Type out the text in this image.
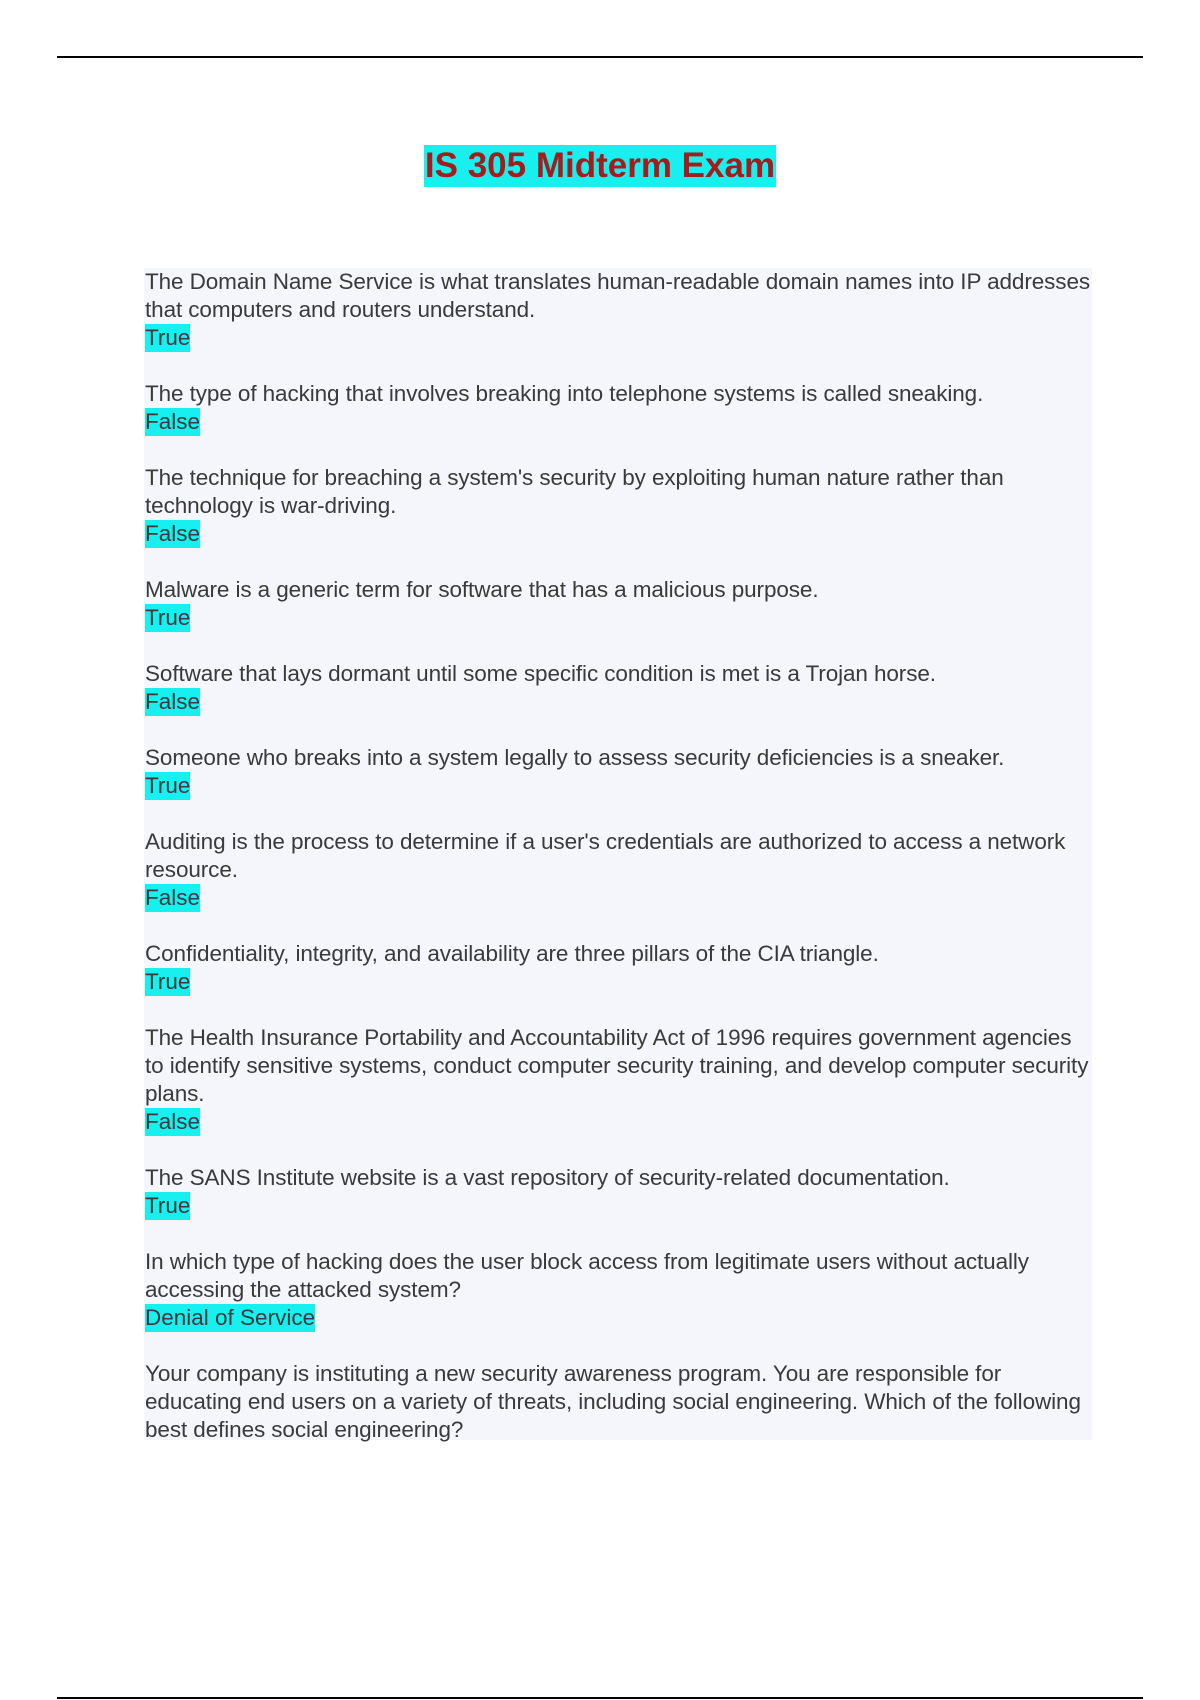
IS 305 Midterm Exam
The Domain Name Service is what translates human-readable domain names into IP addresses that computers and routers understand.
True
The type of hacking that involves breaking into telephone systems is called sneaking.
False
The technique for breaching a system's security by exploiting human nature rather than technology is war-driving.
False
Malware is a generic term for software that has a malicious purpose.
True
Software that lays dormant until some specific condition is met is a Trojan horse.
False
Someone who breaks into a system legally to assess security deficiencies is a sneaker.
True
Auditing is the process to determine if a user's credentials are authorized to access a network resource.
False
Confidentiality, integrity, and availability are three pillars of the CIA triangle.
True
The Health Insurance Portability and Accountability Act of 1996 requires government agencies to identify sensitive systems, conduct computer security training, and develop computer security plans.
False
The SANS Institute website is a vast repository of security-related documentation.
True
In which type of hacking does the user block access from legitimate users without actually accessing the attacked system?
Denial of Service
Your company is instituting a new security awareness program. You are responsible for educating end users on a variety of threats, including social engineering. Which of the following best defines social engineering?
